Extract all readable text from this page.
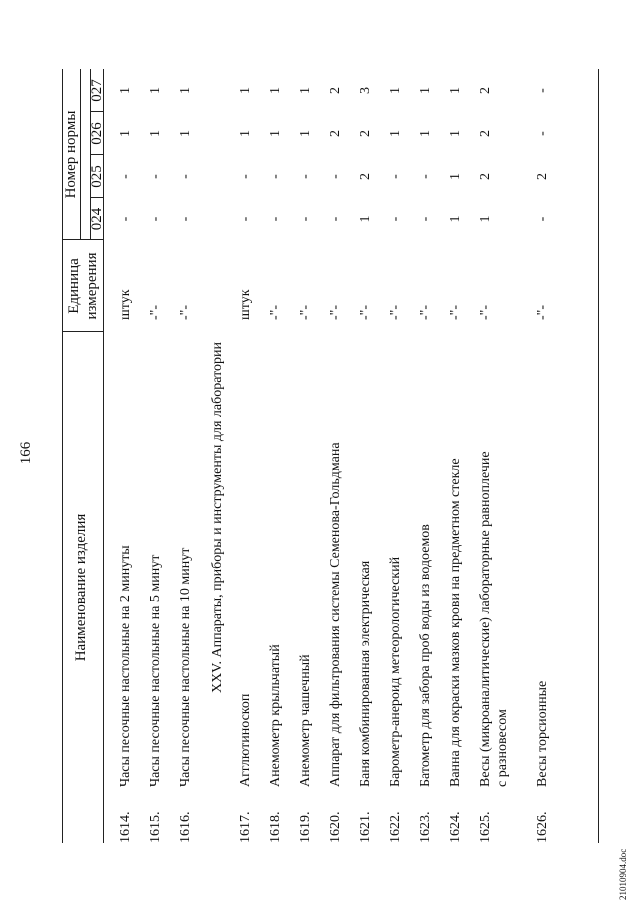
166
Наименование изделия
Единица измерения
Номер нормы
024
025
026
027
XXV. Аппараты, приборы и инструменты для лаборатории
1614.
Часы песочные настольные на 2 минуты
штук
-
-
1
1
1615.
Часы песочные настольные на 5 минут
-"-
-
-
1
1
1616.
Часы песочные настольные на 10 минут
-"-
-
-
1
1
1617.
Агглютиноскоп
штук
-
-
1
1
1618.
Анемометр крыльчатый
-"-
-
-
1
1
1619.
Анемометр чашечный
-"-
-
-
1
1
1620.
Аппарат для фильтрования системы Семенова-Гольдмана
-"-
-
-
2
2
1621.
Баня комбинированная электрическая
-"-
1
2
2
3
1622.
Барометр-анероид метеорологический
-"-
-
-
1
1
1623.
Батометр для забора проб воды из водоемов
-"-
-
-
1
1
1624.
Ванна для окраски мазков крови на предметном стекле
-"-
1
1
1
1
1625.
Весы (микроаналитические) лабораторные равноплечие с разновесом
-"-
1
2
2
2
1626.
Весы торсионные
-"-
-
2
-
-
21010904.doc
